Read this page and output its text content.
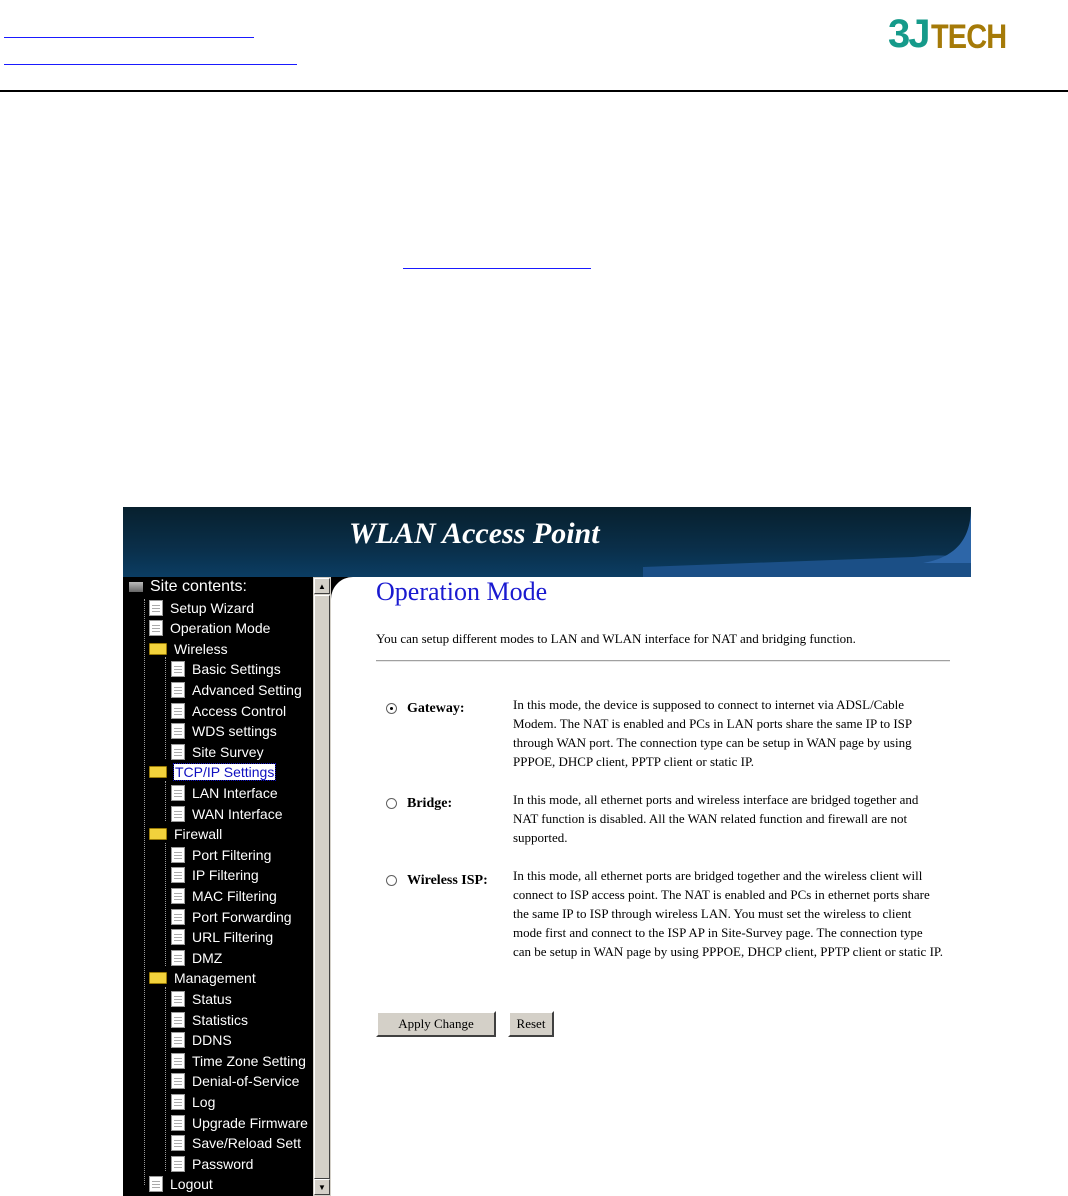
3J TECH
WLAN Access Point
Site contents:
Setup Wizard
Operation Mode
Wireless
Basic Settings
Advanced Setting
Access Control
WDS settings
Site Survey
TCP/IP Settings
LAN Interface
WAN Interface
Firewall
Port Filtering
IP Filtering
MAC Filtering
Port Forwarding
URL Filtering
DMZ
Management
Status
Statistics
DDNS
Time Zone Setting
Denial-of-Service
Log
Upgrade Firmware
Save/Reload Sett
Password
Logout
▲
▼
Operation Mode
You can setup different modes to LAN and WLAN interface for NAT and bridging function.
Gateway:	In this mode, the device is supposed to connect to internet via ADSL/Cable Modem. The NAT is enabled and PCs in LAN ports share the same IP to ISP through WAN port. The connection type can be setup in WAN page by using PPPOE, DHCP client, PPTP client or static IP.
Bridge:	In this mode, all ethernet ports and wireless interface are bridged together and NAT function is disabled. All the WAN related function and firewall are not supported.
Wireless ISP: In this mode, all ethernet ports are bridged together and the wireless client will connect to ISP access point. The NAT is enabled and PCs in ethernet ports share the same IP to ISP through wireless LAN. You must set the wireless to client mode first and connect to the ISP AP in Site-Survey page. The connection type can be setup in WAN page by using PPPOE, DHCP client, PPTP client or static IP.
Apply Change	Reset
